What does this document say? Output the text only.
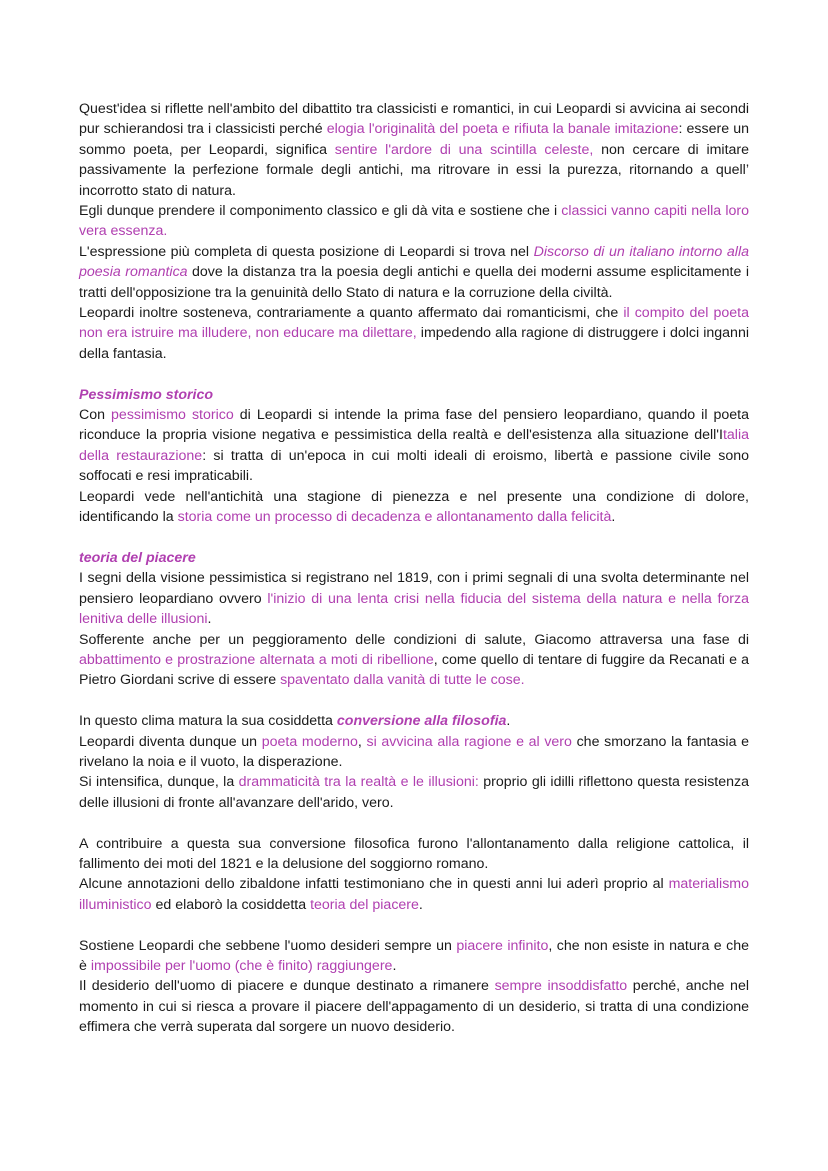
Quest'idea si riflette nell'ambito del dibattito tra classicisti e romantici, in cui Leopardi si avvicina ai secondi pur schierandosi tra i classicisti perché elogia l'originalità del poeta e rifiuta la banale imitazione: essere un sommo poeta, per Leopardi, significa sentire l'ardore di una scintilla celeste, non cercare di imitare passivamente la perfezione formale degli antichi, ma ritrovare in essi la purezza, ritornando a quell’ incorrotto stato di natura.

Egli dunque prendere il componimento classico e gli dà vita e sostiene che i classici vanno capiti nella loro vera essenza.

L'espressione più completa di questa posizione di Leopardi si trova nel Discorso di un italiano intorno alla poesia romantica dove la distanza tra la poesia degli antichi e quella dei moderni assume esplicitamente i tratti dell'opposizione tra la genuinità dello Stato di natura e la corruzione della civiltà.

Leopardi inoltre sosteneva, contrariamente a quanto affermato dai romanticismi, che il compito del poeta non era istruire ma illudere, non educare ma dilettare, impedendo alla ragione di distruggere i dolci inganni della fantasia.

Pessimismo storico

Con pessimismo storico di Leopardi si intende la prima fase del pensiero leopardiano, quando il poeta riconduce la propria visione negativa e pessimistica della realtà e dell'esistenza alla situazione dell'Italia della restaurazione: si tratta di un'epoca in cui molti ideali di eroismo, libertà e passione civile sono soffocati e resi impraticabili.

Leopardi vede nell'antichità una stagione di pienezza e nel presente una condizione di dolore, identificando la storia come un processo di decadenza e allontanamento dalla felicità.

teoria del piacere

I segni della visione pessimistica si registrano nel 1819, con i primi segnali di una svolta determinante nel pensiero leopardiano ovvero l'inizio di una lenta crisi nella fiducia del sistema della natura e nella forza lenitiva delle illusioni.

Sofferente anche per un peggioramento delle condizioni di salute, Giacomo attraversa una fase di abbattimento e prostrazione alternata a moti di ribellione, come quello di tentare di fuggire da Recanati e a Pietro Giordani scrive di essere spaventato dalla vanità di tutte le cose.

In questo clima matura la sua cosiddetta conversione alla filosofia.

Leopardi diventa dunque un poeta moderno, si avvicina alla ragione e al vero che smorzano la fantasia e rivelano la noia e il vuoto, la disperazione.

Si intensifica, dunque, la drammaticità tra la realtà e le illusioni: proprio gli idilli riflettono questa resistenza delle illusioni di fronte all'avanzare dell'arido, vero.

A contribuire a questa sua conversione filosofica furono l'allontanamento dalla religione cattolica, il fallimento dei moti del 1821 e la delusione del soggiorno romano.

Alcune annotazioni dello zibaldone infatti testimoniano che in questi anni lui aderì proprio al materialismo illuministico ed elaborò la cosiddetta teoria del piacere.

Sostiene Leopardi che sebbene l'uomo desideri sempre un piacere infinito, che non esiste in natura e che è impossibile per l'uomo (che è finito) raggiungere.

Il desiderio dell'uomo di piacere e dunque destinato a rimanere sempre insoddisfatto perché, anche nel momento in cui si riesca a provare il piacere dell'appagamento di un desiderio, si tratta di una condizione effimera che verrà superata dal sorgere un nuovo desiderio.
